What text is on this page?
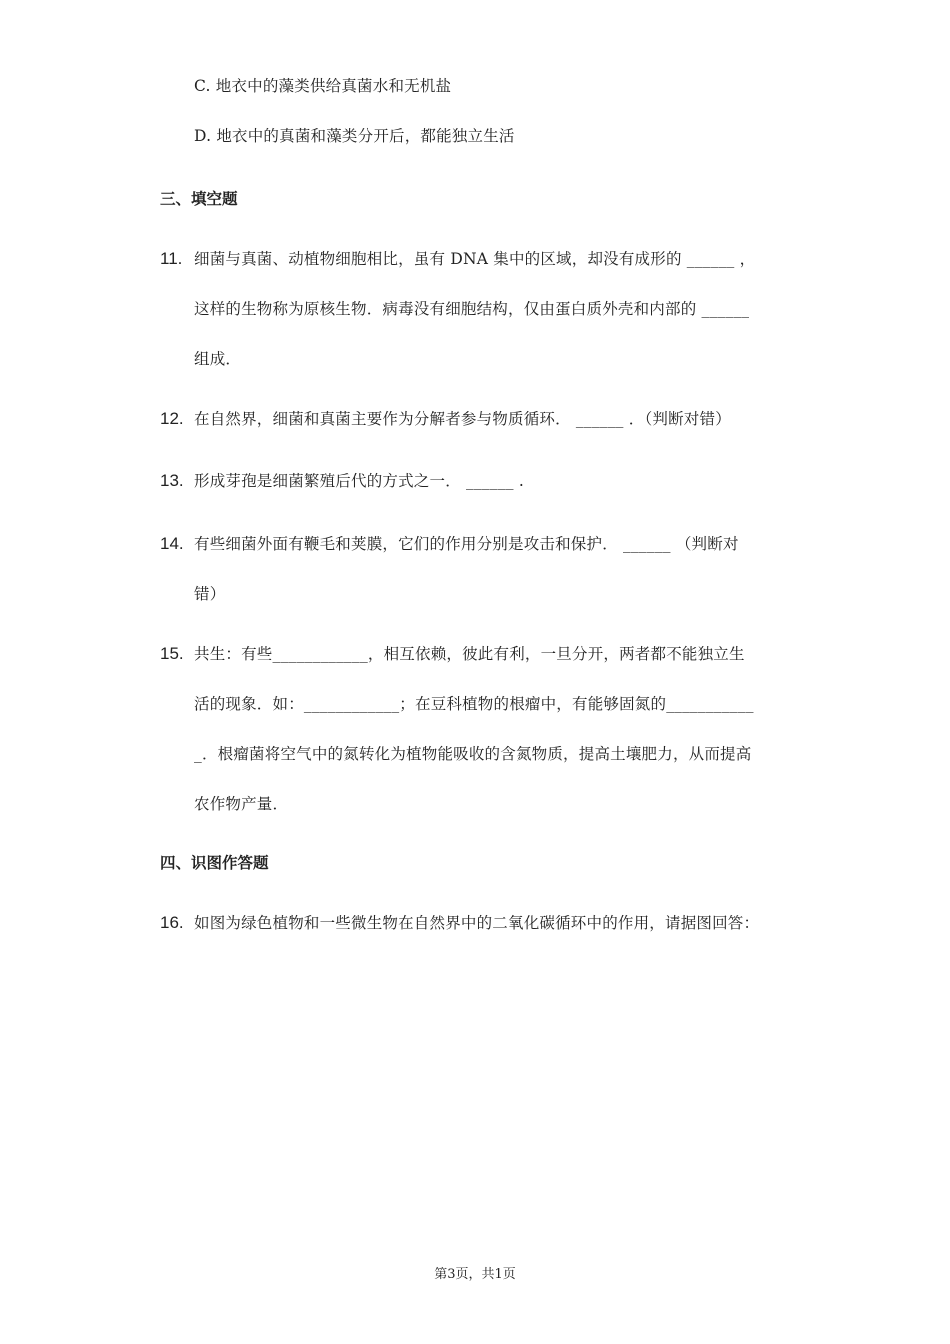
C. 地衣中的藻类供给真菌水和无机盐
D. 地衣中的真菌和藻类分开后，都能独立生活
三、填空题
11. 细菌与真菌、动植物细胞相比，虽有 DNA 集中的区域，却没有成形的 ______ ，
这样的生物称为原核生物．病毒没有细胞结构，仅由蛋白质外壳和内部的 ______
组成．
12. 在自然界，细菌和真菌主要作为分解者参与物质循环． ______ ．（判断对错）
13. 形成芽孢是细菌繁殖后代的方式之一． ______ .
14. 有些细菌外面有鞭毛和荚膜，它们的作用分别是攻击和保护． ______ （判断对
错）
15. 共生：有些____________，相互依赖，彼此有利，一旦分开，两者都不能独立生
活的现象．如：____________；在豆科植物的根瘤中，有能够固氮的___________
_．根瘤菌将空气中的氮转化为植物能吸收的含氮物质，提高土壤肥力，从而提高
农作物产量．
四、识图作答题
16. 如图为绿色植物和一些微生物在自然界中的二氧化碳循环中的作用，请据图回答：
第3页，共1页
